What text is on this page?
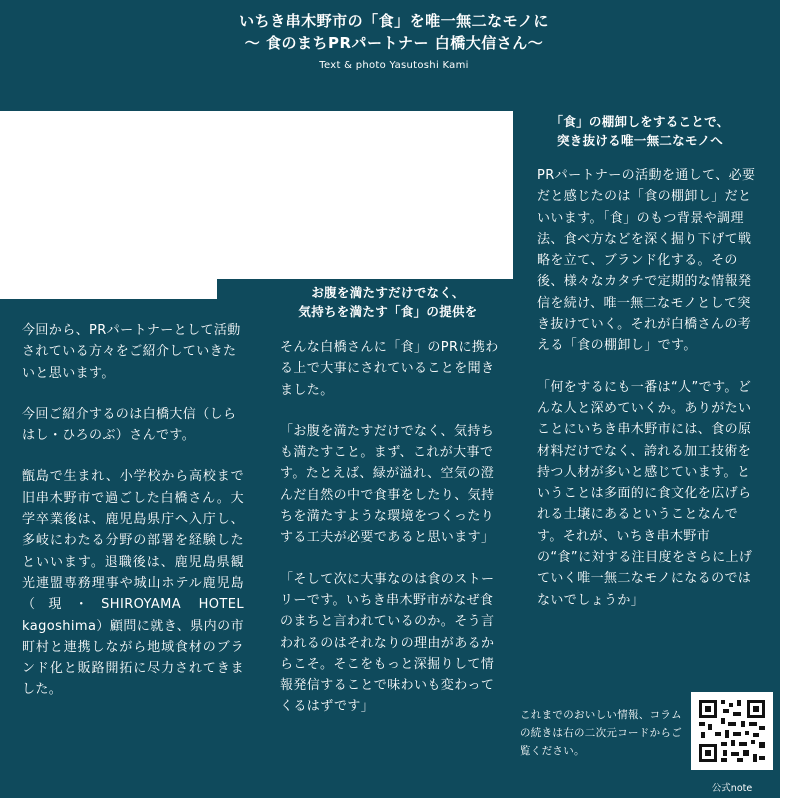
いちき串木野市の「食」を唯一無二なモノに
〜 食のまちPRパートナー 白橋大信さん〜
Text & photo Yasutoshi Kami

今回から、PRパートナーとして活動されている方々をご紹介していきたいと思います。

今回ご紹介するのは白橋大信（しらはし・ひろのぶ）さんです。

甑島で生まれ、小学校から高校まで旧串木野市で過ごした白橋さん。大学卒業後は、鹿児島県庁へ入庁し、多岐にわたる分野の部署を経験したといいます。退職後は、鹿児島県観光連盟専務理事や城山ホテル鹿児島（現・SHIROYAMA HOTEL kagoshima）顧問に就き、県内の市町村と連携しながら地域食材のブランド化と販路開拓に尽力されてきました。

お腹を満たすだけでなく、
気持ちを満たす「食」の提供を

そんな白橋さんに「食」のPRに携わる上で大事にされていることを聞きました。

「お腹を満たすだけでなく、気持ちも満たすこと。まず、これが大事です。たとえば、緑が溢れ、空気の澄んだ自然の中で食事をしたり、気持ちを満たすような環境をつくったりする工夫が必要であると思います」

「そして次に大事なのは食のストーリーです。いちき串木野市がなぜ食のまちと言われているのか。そう言われるのはそれなりの理由があるからこそ。そこをもっと深掘りして情報発信することで味わいも変わってくるはずです」

「食」の棚卸しをすることで、
突き抜ける唯一無二なモノへ

PRパートナーの活動を通して、必要だと感じたのは「食の棚卸し」だといいます。「食」のもつ背景や調理法、食べ方などを深く掘り下げて戦略を立て、ブランド化する。その後、様々なカタチで定期的な情報発信を続け、唯一無二なモノとして突き抜けていく。それが白橋さんの考える「食の棚卸し」です。

「何をするにも一番は“人”です。どんな人と深めていくか。ありがたいことにいちき串木野市には、食の原材料だけでなく、誇れる加工技術を持つ人材が多いと感じています。ということは多面的に食文化を広げられる土壌にあるということなんです。それが、いちき串木野市の“食”に対する注目度をさらに上げていく唯一無二なモノになるのではないでしょうか」

これまでのおいしい情報、コラムの続きは右の二次元コードからご覧ください。
公式note
